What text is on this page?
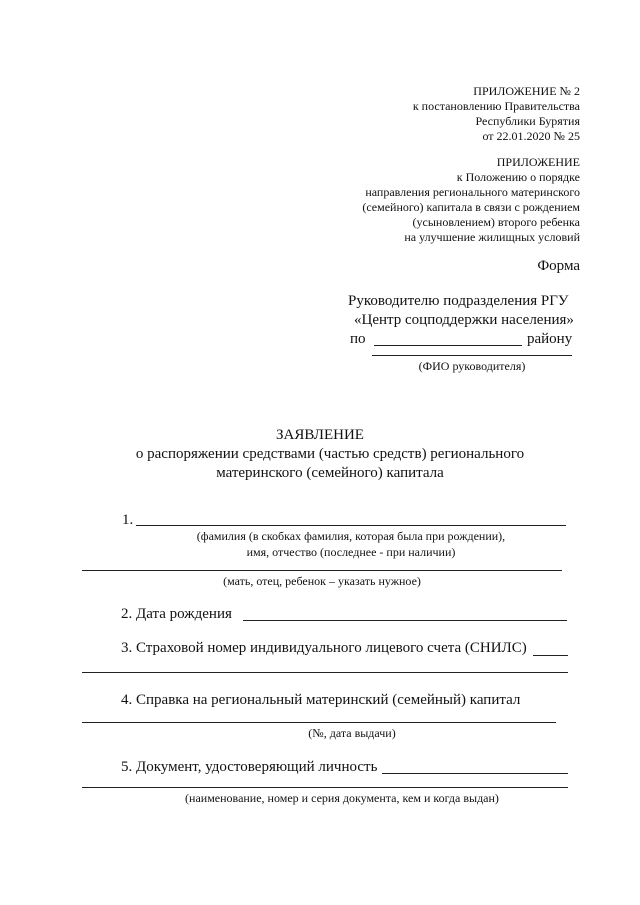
ПРИЛОЖЕНИЕ № 2
к постановлению Правительства
Республики Бурятия
от 22.01.2020 № 25
ПРИЛОЖЕНИЕ
к Положению о порядке
направления регионального материнского
(семейного) капитала в связи с рождением
(усыновлением) второго ребенка
на улучшение жилищных условий
Форма
Руководителю подразделения РГУ
«Центр соцподдержки населения»
по	району
(ФИО руководителя)
ЗАЯВЛЕНИЕ
о распоряжении средствами (частью средств) регионального
материнского (семейного) капитала
1.
(фамилия (в скобках фамилия, которая была при рождении),
имя, отчество (последнее - при наличии)
(мать, отец, ребенок – указать нужное)
2. Дата рождения
3. Страховой номер индивидуального лицевого счета (СНИЛС)
4. Справка на региональный материнский (семейный) капитал
(№, дата выдачи)
5. Документ, удостоверяющий личность
(наименование, номер и серия документа, кем и когда выдан)
